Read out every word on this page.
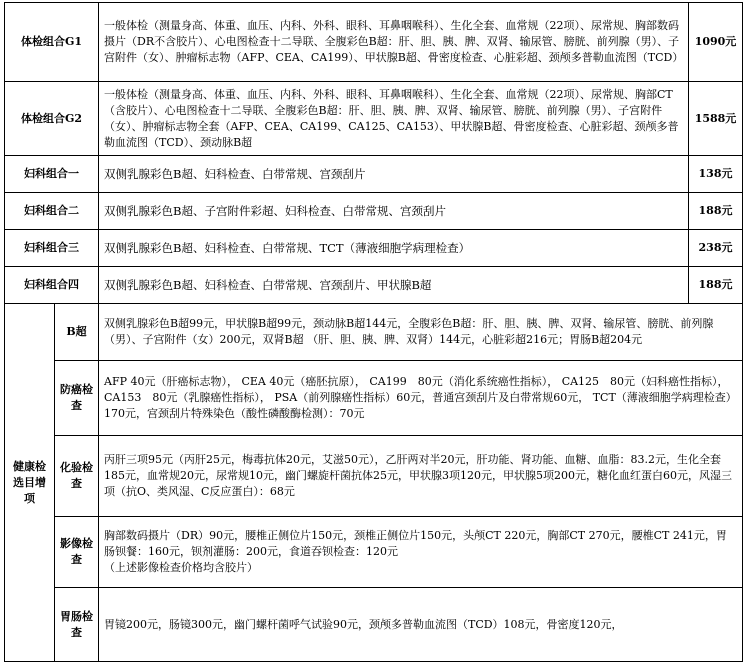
体检组合G1		一般体检（测量身高、体重、血压、内科、外科、眼科、耳鼻咽喉科）、生化全套、血常规（22项）、尿常规、胸部数码摄片（DR不含胶片）、心电图检查十二导联、全腹彩色B超：肝、胆、胰、脾、双肾、输尿管、膀胱、前列腺（男）、子宫附件（女）、肿瘤标志物（AFP、CEA、CA199）、甲状腺B超、骨密度检查、心脏彩超、颈颅多普勒血流图（TCD）	1090元
体检组合G2		一般体检（测量身高、体重、血压、内科、外科、眼科、耳鼻咽喉科）、生化全套、血常规（22项）、尿常规、胸部CT（含胶片）、心电图检查十二导联、全腹彩色B超：肝、胆、胰、脾、双肾、输尿管、膀胱、前列腺（男）、子宫附件（女）、肿瘤标志物全套（AFP、CEA、CA199、CA125、CA153）、甲状腺B超、骨密度检查、心脏彩超、颈颅多普勒血流图（TCD）、颈动脉B超	1588元
妇科组合一		双侧乳腺彩色B超、妇科检查、白带常规、宫颈刮片	138元
妇科组合二		双侧乳腺彩色B超、子宫附件彩超、妇科检查、白带常规、宫颈刮片	188元
妇科组合三		双侧乳腺彩色B超、妇科检查、白带常规、TCT（薄液细胞学病理检查）	238元
妇科组合四		双侧乳腺彩色B超、妇科检查、白带常规、宫颈刮片、甲状腺B超	188元
健康检选目增项	B超	双侧乳腺彩色B超99元，甲状腺B超99元，颈动脉B超144元，全腹彩色B超：肝、胆、胰、脾、双肾、输尿管、膀胱、前列腺（男）、子宫附件（女）200元，双肾B超 （肝、胆、胰、脾、双肾）144元，心脏彩超216元；胃肠B超204元	
	防癌检查	AFP 40元（肝癌标志物）， CEA 40元（癌胚抗原）， CA199　80元（消化系统癌性指标）， CA125　80元（妇科癌性指标）， CA153　80元（乳腺癌性指标）， PSA（前列腺癌性指标）60元，普通宫颈刮片及白带常规60元， TCT（薄液细胞学病理检查）170元，宫颈刮片特殊染色（酸性磷酸酶检测）：70元	
	化验检查	丙肝三项95元（丙肝25元，梅毒抗体20元，艾滋50元），乙肝两对半20元，肝功能、肾功能、血糖、血脂：83.2元，生化全套185元，血常规20元，尿常规10元，幽门螺旋杆菌抗体25元，甲状腺3项120元，甲状腺5项200元，糖化血红蛋白60元，风湿三项（抗O、类风湿、C反应蛋白）：68元	
	影像检查	胸部数码摄片（DR）90元，腰椎正侧位片150元，颈椎正侧位片150元，头颅CT 220元，胸部CT 270元，腰椎CT 241元，胃肠钡餐：160元，钡剂灌肠：200元，食道吞钡检查：120元
（上述影像检查价格均含胶片）	

	胃肠检查	胃镜200元，肠镜300元，幽门螺杆菌呼气试验90元，颈颅多普勒血流图（TCD）108元，骨密度120元，	
